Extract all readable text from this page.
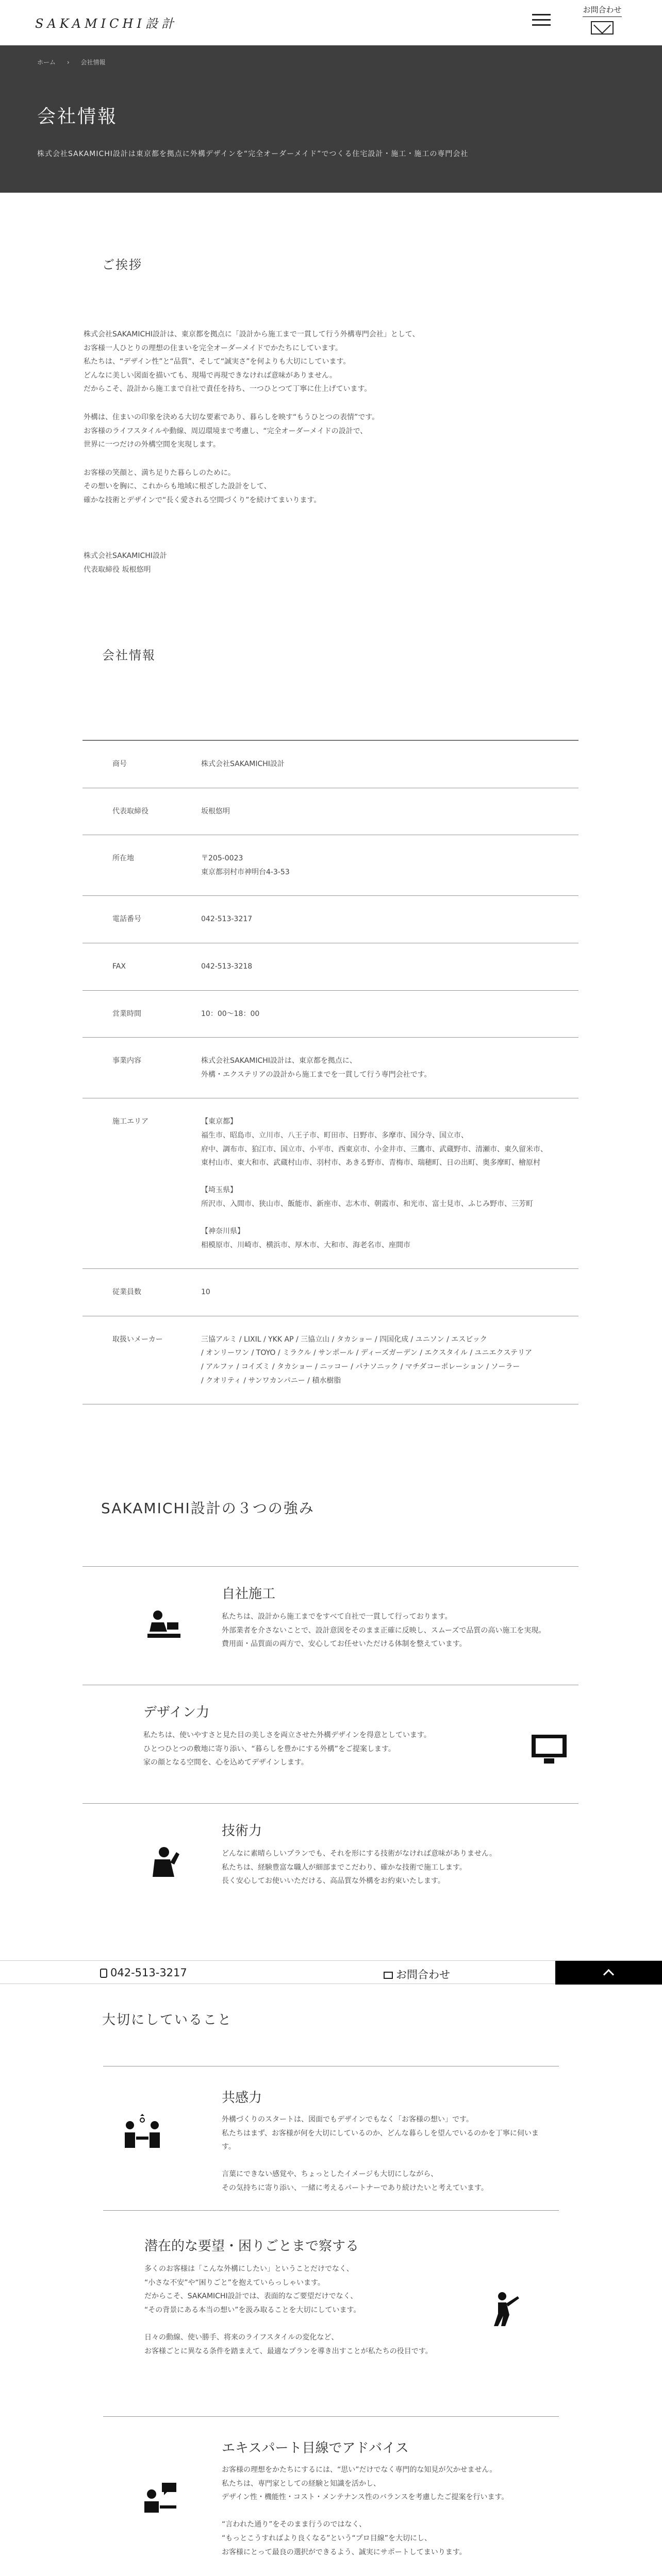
SAKAMICHI設計
お問合わせ
ホーム › 会社情報
会社情報

株式会社SAKAMICHI設計は東京都を拠点に外構デザインを“完全オーダーメイド”でつくる住宅設計・施工・施工の専門会社

ご挨拶

株式会社SAKAMICHI設計は、東京都を拠点に「設計から施工まで一貫して行う外構専門会社」として、
お客様一人ひとりの理想の住まいを完全オーダーメイドでかたちにしています。
私たちは、“デザイン性”と“品質”、そして“誠実さ”を何よりも大切にしています。
どんなに美しい図面を描いても、現場で再現できなければ意味がありません。
だからこそ、設計から施工まで自社で責任を持ち、一つひとつて丁寧に仕上げています。

外構は、住まいの印象を決める大切な要素であり、暮らしを映す“もうひとつの表情”です。
お客様のライフスタイルや動線、周辺環境まで考慮し、“完全オーダーメイドの設計で、
世界に一つだけの外構空間を実現します。

お客様の笑顔と、満ち足りた暮らしのために。
その想いを胸に、これからも地域に根ざした設計をして、
確かな技術とデザインで“長く愛される空間づくり”を続けてまいります。

株式会社SAKAMICHI設計
代表取締役 坂根悠明
会社情報
商号	株式会社SAKAMICHI設計
代表取締役	坂根悠明
所在地	〒205-0023
東京都羽村市神明台4-3-53
電話番号	042-513-3217
FAX	042-513-3218
営業時間	10：00〜18：00
事業内容	株式会社SAKAMICHI設計は、東京都を拠点に、
外構・エクステリアの設計から施工までを一貫して行う専門会社です。
施工エリア	【東京都】
福生市、昭島市、立川市、八王子市、町田市、日野市、多摩市、国分寺、国立市、
府中、調布市、狛江市、国立市、小平市、西東京市、小金井市、三鷹市、武蔵野市、清瀬市、東久留米市、
東村山市、東大和市、武蔵村山市、羽村市、あきる野市、青梅市、瑞穂町、日の出町、奥多摩町、檜原村

【埼玉県】
所沢市、入間市、狭山市、飯能市、新座市、志木市、朝霞市、和光市、富士見市、ふじみ野市、三芳町

【神奈川県】
相模原市、川崎市、横浜市、厚木市、大和市、海老名市、座間市
従業員数	10
取扱いメーカー	三協アルミ / LIXIL / YKK AP / 三協立山 / タカショー / 四国化成 / ユニソン / エスビック
/ オンリーワン / TOYO / ミラクル / サンポール / ディーズガーデン / エクスタイル / ユニエクステリア
/ アルファ / コイズミ / タカショー / ニッコー / パナソニック / マチダコーポレーション / ソーラー
/ クオリティ / サンワカンパニー / 積水樹脂
SAKAMICHI設計の３つの強み
自社施工
私たちは、設計から施工までをすべて自社で一貫して行っております。
外部業者を介さないことで、設計意図をそのまま正確に反映し、スムーズで品質の高い施工を実現。
費用面・品質面の両方で、安心してお任せいただける体制を整えています。
デザイン力
私たちは、使いやすさと見た目の美しさを両立させた外構デザインを得意としています。
ひとつひとつの敷地に寄り添い、“暮らしを豊かにする外構”をご提案します。
家の顔となる空間を、心を込めてデザインします。
技術力
どんなに素晴らしいプランでも、それを形にする技術がなければ意味がありません。
私たちは、経験豊富な職人が細部までこだわり、確かな技術で施工します。
長く安心してお使いいただける、高品質な外構をお約束いたします。
042-513-3217	お問合わせ
大切にしていること
共感力
外構づくりのスタートは、図面でもデザインでもなく「お客様の想い」です。
私たちはまず、お客様が何を大切にしているのか、どんな暮らしを望んでいるのかを丁寧に伺います。

言葉にできない感覚や、ちょっとしたイメージも大切にしながら、
その気持ちに寄り添い、一緒に考えるパートナーであり続けたいと考えています。
潜在的な要望・困りごとまで察する
多くのお客様は「こんな外構にしたい」ということだけでなく、
“小さな不安”や“困りごと”を抱えていらっしゃいます。
だからこそ、SAKAMICHI設計では、表面的なご要望だけでなく、
“その背景にある本当の想い”を汲み取ることを大切にしています。

日々の動線、使い勝手、将来のライフスタイルの変化など、
お客様ごとに異なる条件を踏まえて、最適なプランを導き出すことが私たちの役目です。
エキスパート目線でアドバイス
お客様の理想をかたちにするには、“思い”だけでなく専門的な知見が欠かせません。
私たちは、専門家としての経験と知識を活かし、
デザイン性・機能性・コスト・メンテナンス性のバランスを考慮したご提案を行います。

“言われた通り”をそのまま行うのではなく、
“もっとこうすればより良くなる”という“プロ目線”を大切にし、
お客様にとって最良の選択ができるよう、誠実にサポートしてまいります。
